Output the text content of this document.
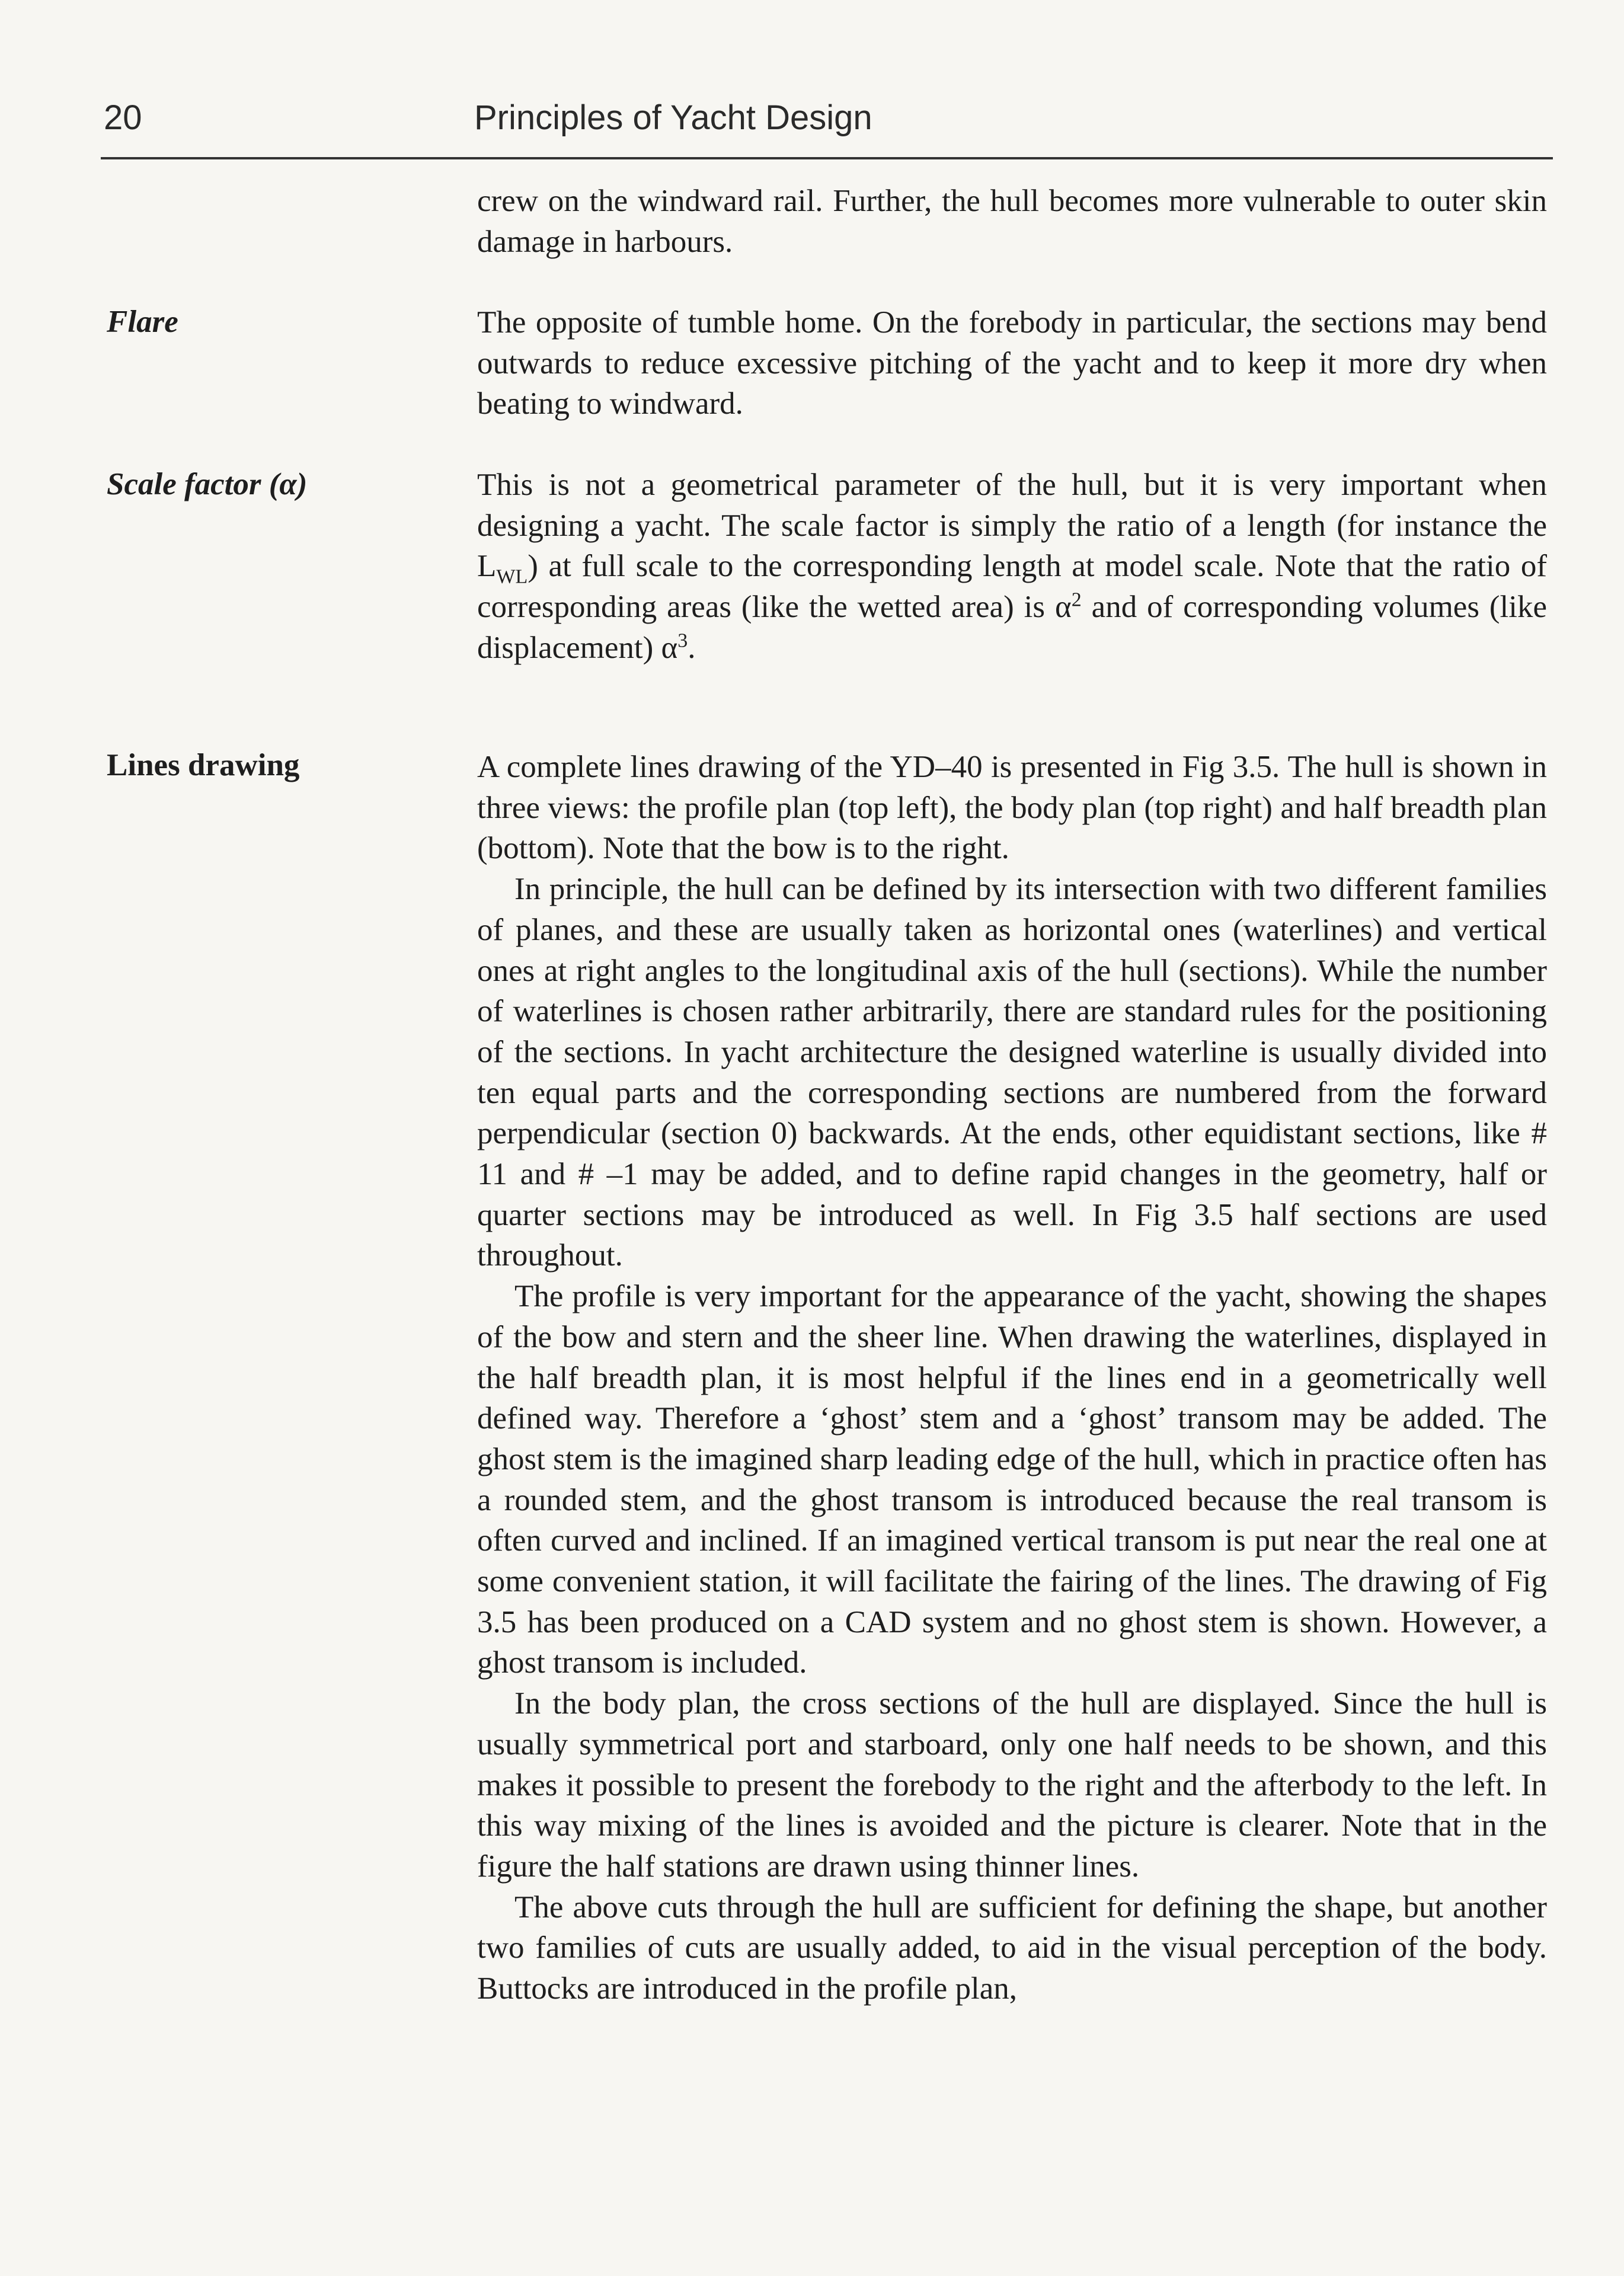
20	Principles of Yacht Design

crew on the windward rail. Further, the hull becomes more vulnerable to outer skin damage in harbours.

Flare	The opposite of tumble home. On the forebody in particular, the sections may bend outwards to reduce excessive pitching of the yacht and to keep it more dry when beating to windward.

Scale factor (α)	This is not a geometrical parameter of the hull, but it is very important when designing a yacht. The scale factor is simply the ratio of a length (for instance the $L_{WL}$) at full scale to the corresponding length at model scale. Note that the ratio of corresponding areas (like the wetted area) is $\alpha^2$ and of corresponding volumes (like displacement) $\alpha^3$.

Lines drawing	A complete lines drawing of the YD–40 is presented in Fig 3.5. The hull is shown in three views: the profile plan (top left), the body plan (top right) and half breadth plan (bottom). Note that the bow is to the right.

In principle, the hull can be defined by its intersection with two different families of planes, and these are usually taken as horizontal ones (waterlines) and vertical ones at right angles to the longitudinal axis of the hull (sections). While the number of waterlines is chosen rather arbitrarily, there are standard rules for the positioning of the sections. In yacht architecture the designed waterline is usually divided into ten equal parts and the corresponding sections are numbered from the forward perpendicular (section 0) backwards. At the ends, other equidistant sections, like # 11 and # –1 may be added, and to define rapid changes in the geometry, half or quarter sections may be introduced as well. In Fig 3.5 half sections are used throughout.

The profile is very important for the appearance of the yacht, showing the shapes of the bow and stern and the sheer line. When drawing the waterlines, displayed in the half breadth plan, it is most helpful if the lines end in a geometrically well defined way. Therefore a ‘ghost’ stem and a ‘ghost’ transom may be added. The ghost stem is the imagined sharp leading edge of the hull, which in practice often has a rounded stem, and the ghost transom is introduced because the real transom is often curved and inclined. If an imagined vertical transom is put near the real one at some convenient station, it will facilitate the fairing of the lines. The drawing of Fig 3.5 has been produced on a CAD system and no ghost stem is shown. However, a ghost transom is included.

In the body plan, the cross sections of the hull are displayed. Since the hull is usually symmetrical port and starboard, only one half needs to be shown, and this makes it possible to present the forebody to the right and the afterbody to the left. In this way mixing of the lines is avoided and the picture is clearer. Note that in the figure the half stations are drawn using thinner lines.

The above cuts through the hull are sufficient for defining the shape, but another two families of cuts are usually added, to aid in the visual perception of the body. Buttocks are introduced in the profile plan,
